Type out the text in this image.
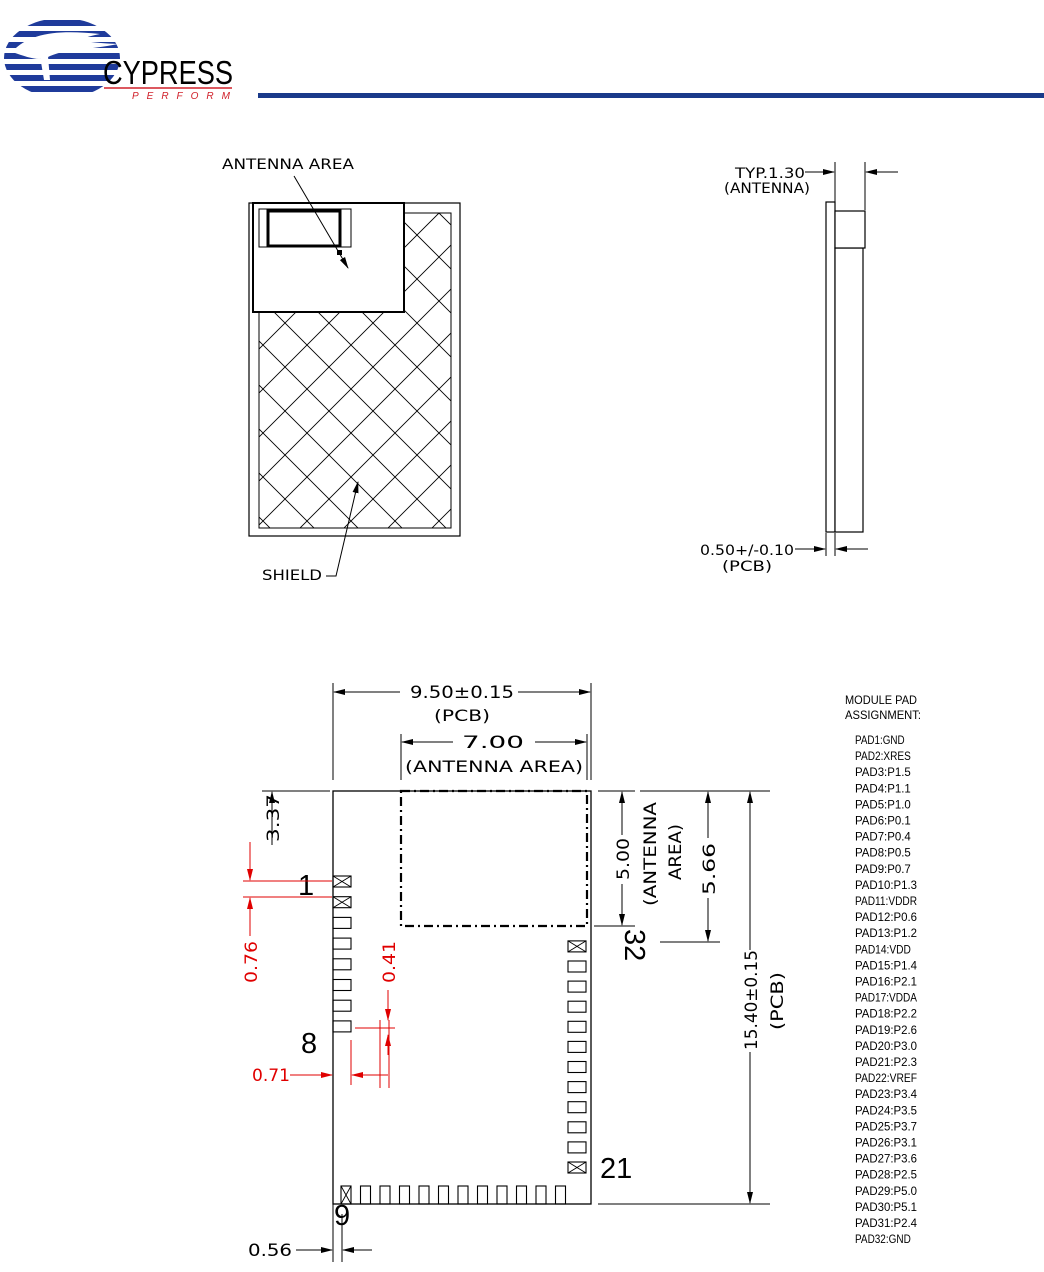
CYPRESS
PERFORM
ANTENNA AREA
SHIELD
TYP.1.30
(ANTENNA)
0.50+/-0.10
(PCB)
1
8
9
21
32
9.50±0.15
(PCB)
7.00
(ANTENNA AREA)
3.37
5.00 (ANTENNA AREA) 5.66
15.40±0.15 (PCB)
0.56
0.76	0.41
0.71
MODULE PAD
ASSIGNMENT:
PAD1:GND
PAD2:XRES
PAD3:P1.5
PAD4:P1.1
PAD5:P1.0
PAD6:P0.1
PAD7:P0.4
PAD8:P0.5
PAD9:P0.7
PAD10:P1.3
PAD11:VDDR
PAD12:P0.6
PAD13:P1.2
PAD14:VDD
PAD15:P1.4
PAD16:P2.1
PAD17:VDDA
PAD18:P2.2
PAD19:P2.6
PAD20:P3.0
PAD21:P2.3
PAD22:VREF
PAD23:P3.4
PAD24:P3.5
PAD25:P3.7
PAD26:P3.1
PAD27:P3.6
PAD28:P2.5
PAD29:P5.0
PAD30:P5.1
PAD31:P2.4
PAD32:GND
